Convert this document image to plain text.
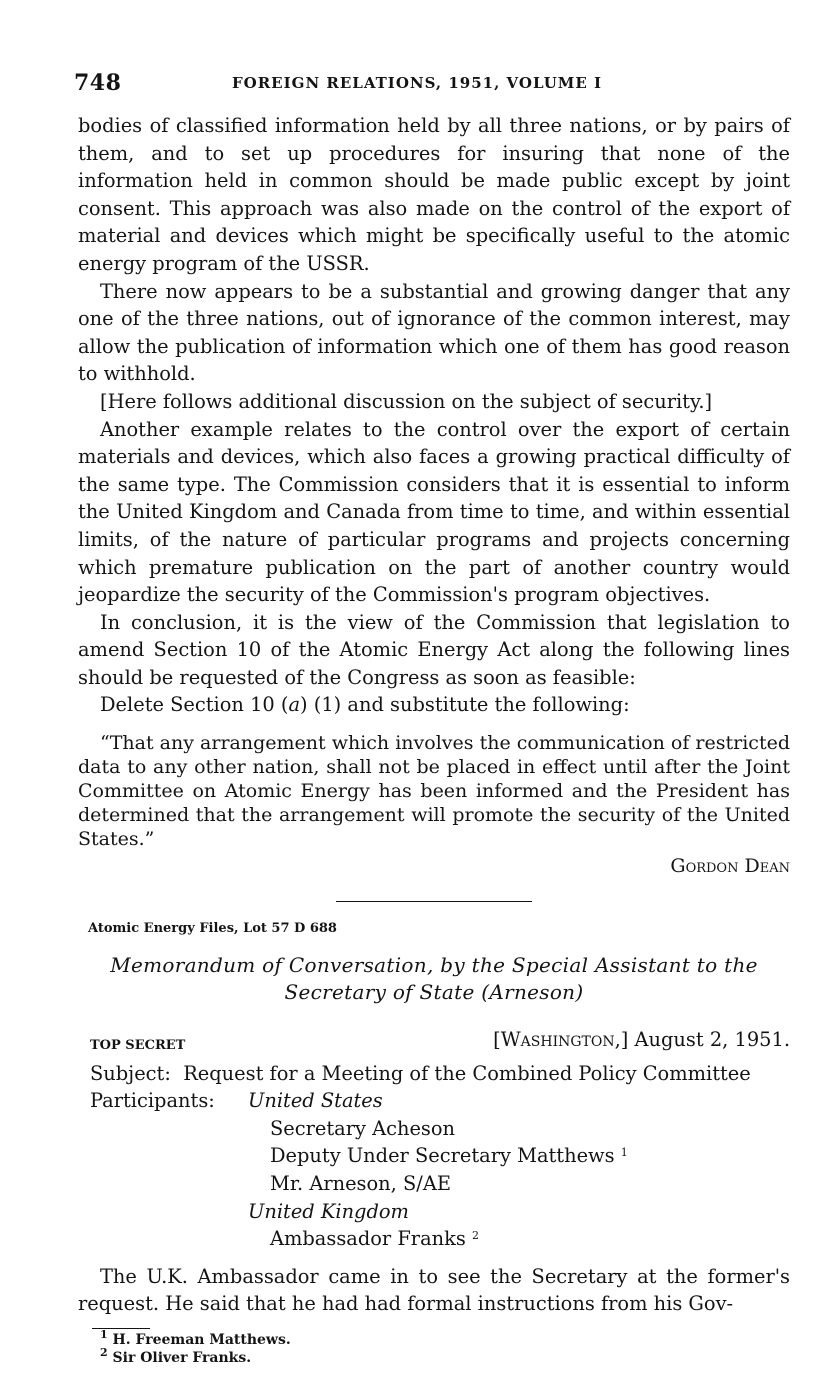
748	FOREIGN RELATIONS, 1951, VOLUME I

bodies of classified information held by all three nations, or by pairs of them, and to set up procedures for insuring that none of the information held in common should be made public except by joint consent. This approach was also made on the control of the export of material and devices which might be specifically useful to the atomic energy program of the USSR.

There now appears to be a substantial and growing danger that any one of the three nations, out of ignorance of the common interest, may allow the publication of information which one of them has good reason to withhold.

[Here follows additional discussion on the subject of security.]

Another example relates to the control over the export of certain materials and devices, which also faces a growing practical difficulty of the same type. The Commission considers that it is essential to inform the United Kingdom and Canada from time to time, and within essential limits, of the nature of particular programs and projects concerning which premature publication on the part of another country would jeopardize the security of the Commission's program objectives.

In conclusion, it is the view of the Commission that legislation to amend Section 10 of the Atomic Energy Act along the following lines should be requested of the Congress as soon as feasible:

Delete Section 10 (a) (1) and substitute the following:

“That any arrangement which involves the communication of restricted data to any other nation, shall not be placed in effect until after the Joint Committee on Atomic Energy has been informed and the President has determined that the arrangement will promote the security of the United States.”

Gordon Dean

Atomic Energy Files, Lot 57 D 688

Memorandum of Conversation, by the Special Assistant to the
Secretary of State (Arneson)

TOP SECRET	[Washington,] August 2, 1951.

Subject: Request for a Meeting of the Combined Policy Committee

Participants: United States
Secretary Acheson
Deputy Under Secretary Matthews $^1$
Mr. Arneson, S/AE
United Kingdom
Ambassador Franks $^2$

The U.K. Ambassador came in to see the Secretary at the former's request. He said that he had had formal instructions from his Gov-

$^1$ H. Freeman Matthews.

$^2$ Sir Oliver Franks.
